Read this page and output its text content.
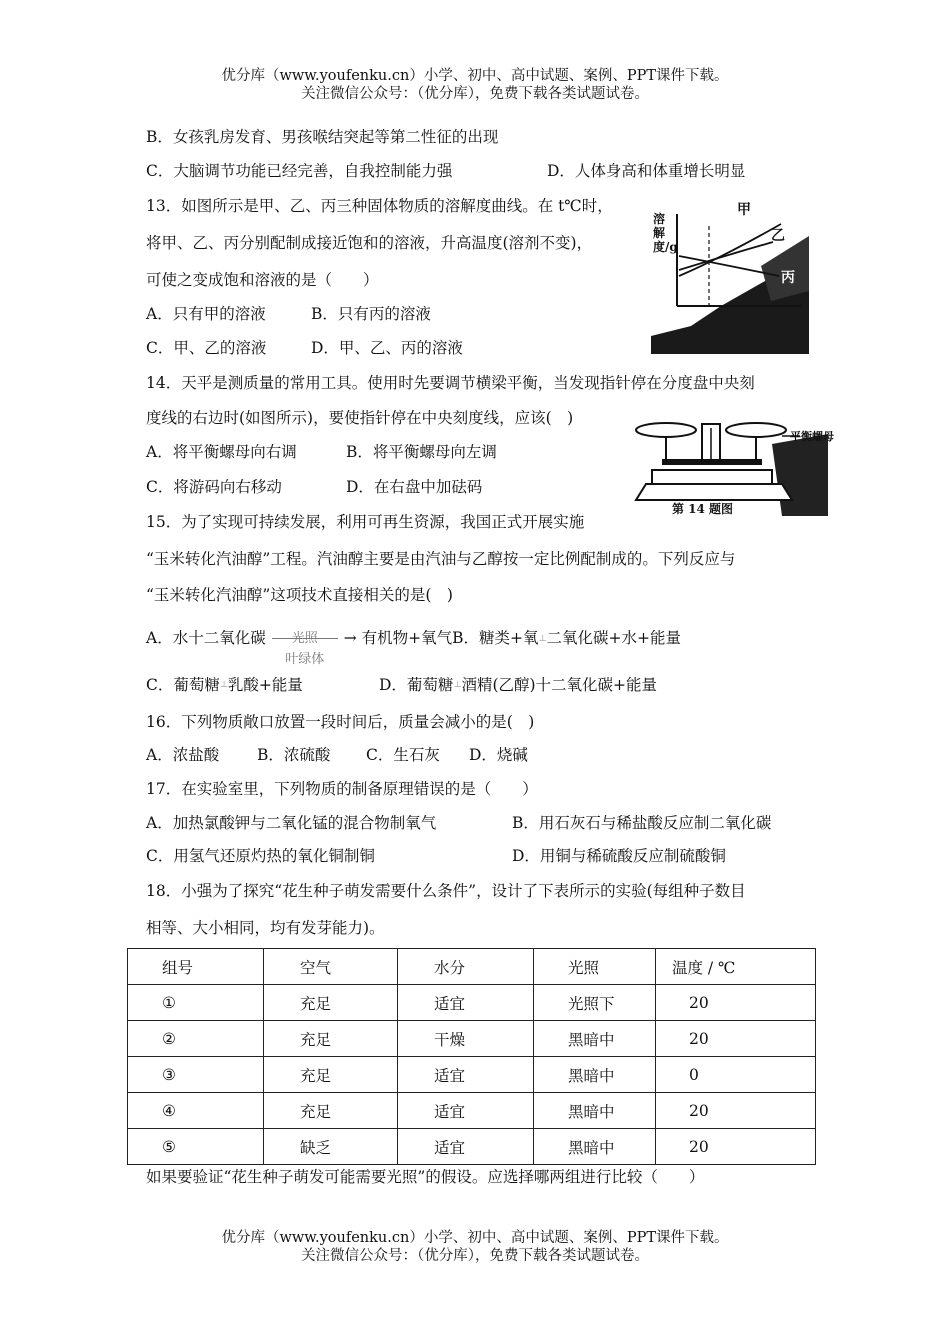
优分库（www.youfenku.cn）小学、初中、高中试题、案例、PPT课件下载。
关注微信公众号：（优分库），免费下载各类试题试卷。
B．女孩乳房发育、男孩喉结突起等第二性征的出现
C．大脑调节功能已经完善，自我控制能力强	D．人体身高和体重增长明显
13．如图所示是甲、乙、丙三种固体物质的溶解度曲线。在 t℃时，
将甲、乙、丙分别配制成接近饱和的溶液，升高温度(溶剂不变)，
可使之变成饱和溶液的是（　　）
A．只有甲的溶液	B．只有丙的溶液
C．甲、乙的溶液	D．甲、乙、丙的溶液
甲
乙
丙
溶解度/g
14．天平是测质量的常用工具。使用时先要调节横梁平衡，当发现指针停在分度盘中央刻
度线的右边时(如图所示)，要使指针停在中央刻度线，应该(　)
A．将平衡螺母向右调	B．将平衡螺母向左调
C．将游码向右移动	D．在右盘中加砝码
平衡螺母
第 14 题图
15．为了实现可持续发展，利用可再生资源，我国正式开展实施
“玉米转化汽油醇”工程。汽油醇主要是由汽油与乙醇按一定比例配制成的。下列反应与
“玉米转化汽油醇”这项技术直接相关的是(　)
A．水十二氧化碳	光照
叶绿体
→ 有机物+氧气B．糖类+氧⊥二氧化碳+水+能量
C．葡萄糖⊥乳酸+能量	D．葡萄糖⊥酒精(乙醇)十二氧化碳+能量
16．下列物质敞口放置一段时间后，质量会减小的是(　)
A．浓盐酸 B．浓硫酸 C．生石灰 D．烧碱
17．在实验室里，下列物质的制备原理错误的是（　　）
A．加热氯酸钾与二氧化锰的混合物制氧气	B．用石灰石与稀盐酸反应制二氧化碳
C．用氢气还原灼热的氧化铜制铜	D．用铜与稀硫酸反应制硫酸铜
18．小强为了探究“花生种子萌发需要什么条件”，设计了下表所示的实验(每组种子数目
相等、大小相同，均有发芽能力)。
组号	空气	水分	光照	温度 / ℃

①	充足	适宜	光照下	20

②	充足	干燥	黑暗中	20

③	充足	适宜	黑暗中	0

④	充足	适宜	黑暗中	20

⑤	缺乏	适宜	黑暗中	20
如果要验证“花生种子萌发可能需要光照”的假设。应选择哪两组进行比较（　　）
优分库（www.youfenku.cn）小学、初中、高中试题、案例、PPT课件下载。
关注微信公众号：（优分库），免费下载各类试题试卷。
